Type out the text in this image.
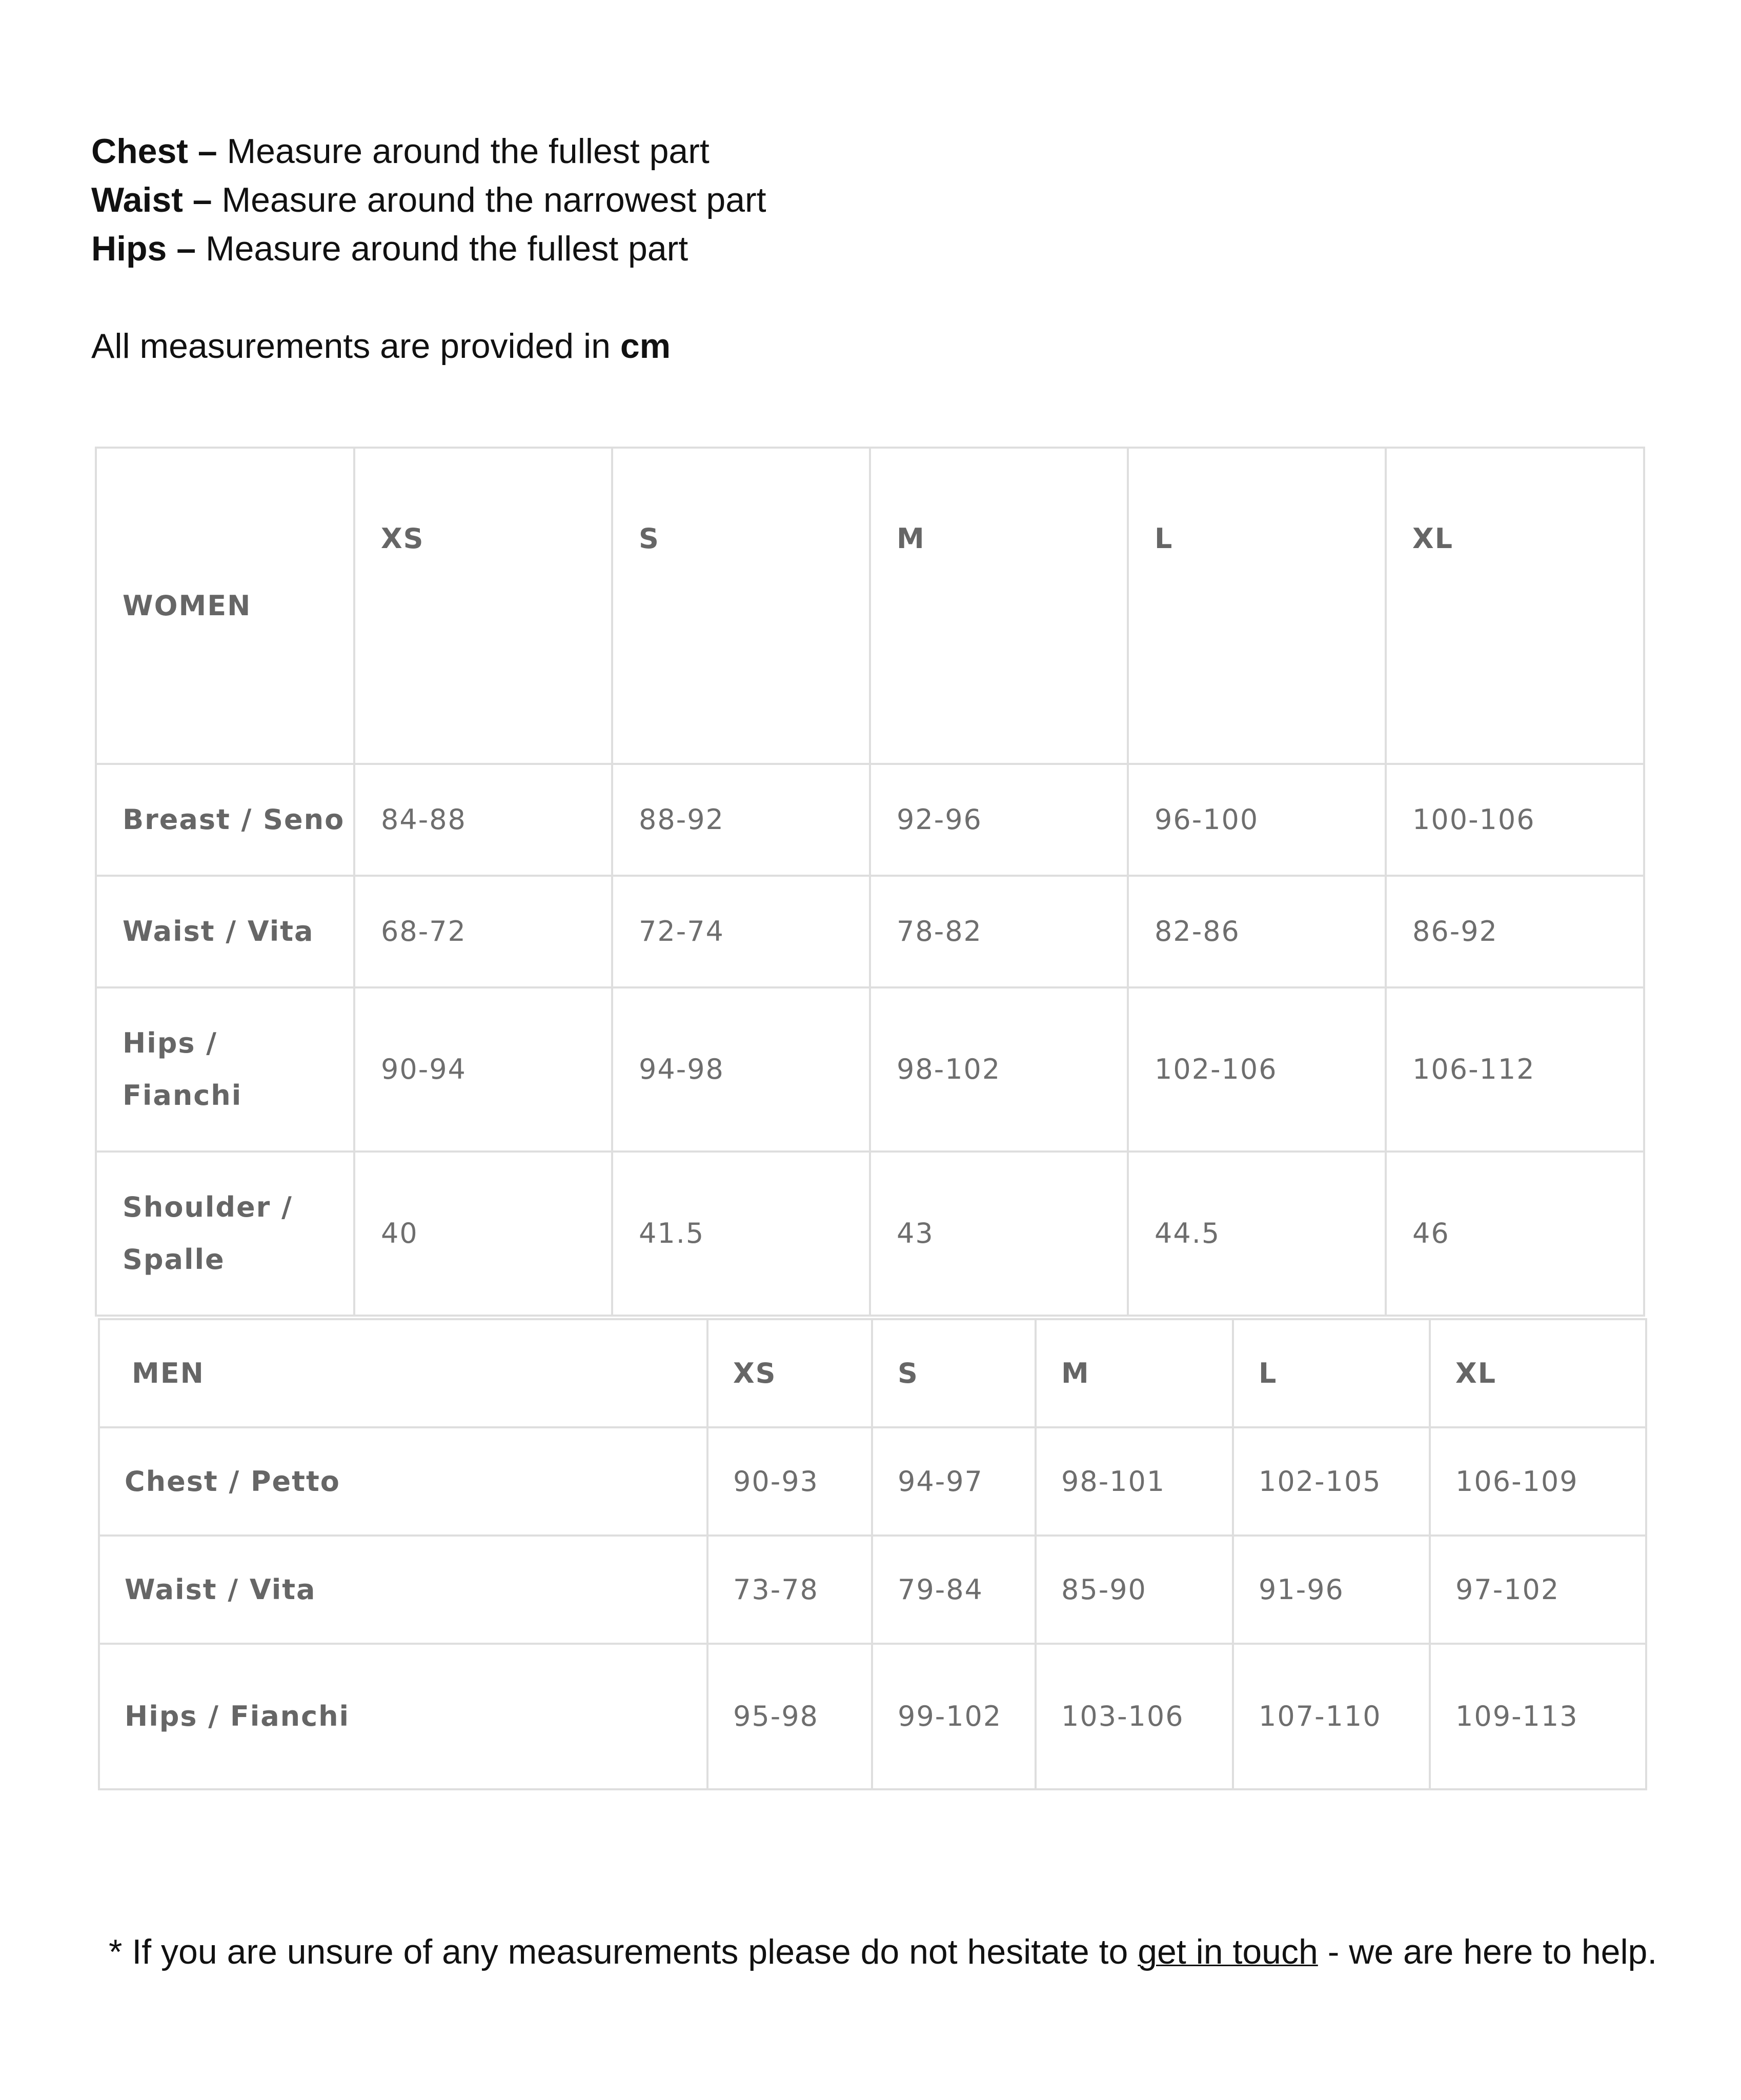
Chest – Measure around the fullest part
Waist – Measure around the narrowest part
Hips – Measure around the fullest part
All measurements are provided in cm
WOMEN	XS	S	M	L	XL
Breast / Seno	84-88	88-92	92-96	96-100	100-106
Waist / Vita	68-72	72-74	78-82	82-86	86-92
Hips /
Fianchi	90-94	94-98	98-102	102-106	106-112
Shoulder /
Spalle	40	41.5	43	44.5	46
MEN	XS	S	M	L	XL
Chest / Petto	90-93	94-97	98-101	102-105	106-109
Waist / Vita	73-78	79-84	85-90	91-96	97-102
Hips / Fianchi	95-98	99-102	103-106	107-110	109-113
* If you are unsure of any measurements please do not hesitate to get in touch - we are here to help.
